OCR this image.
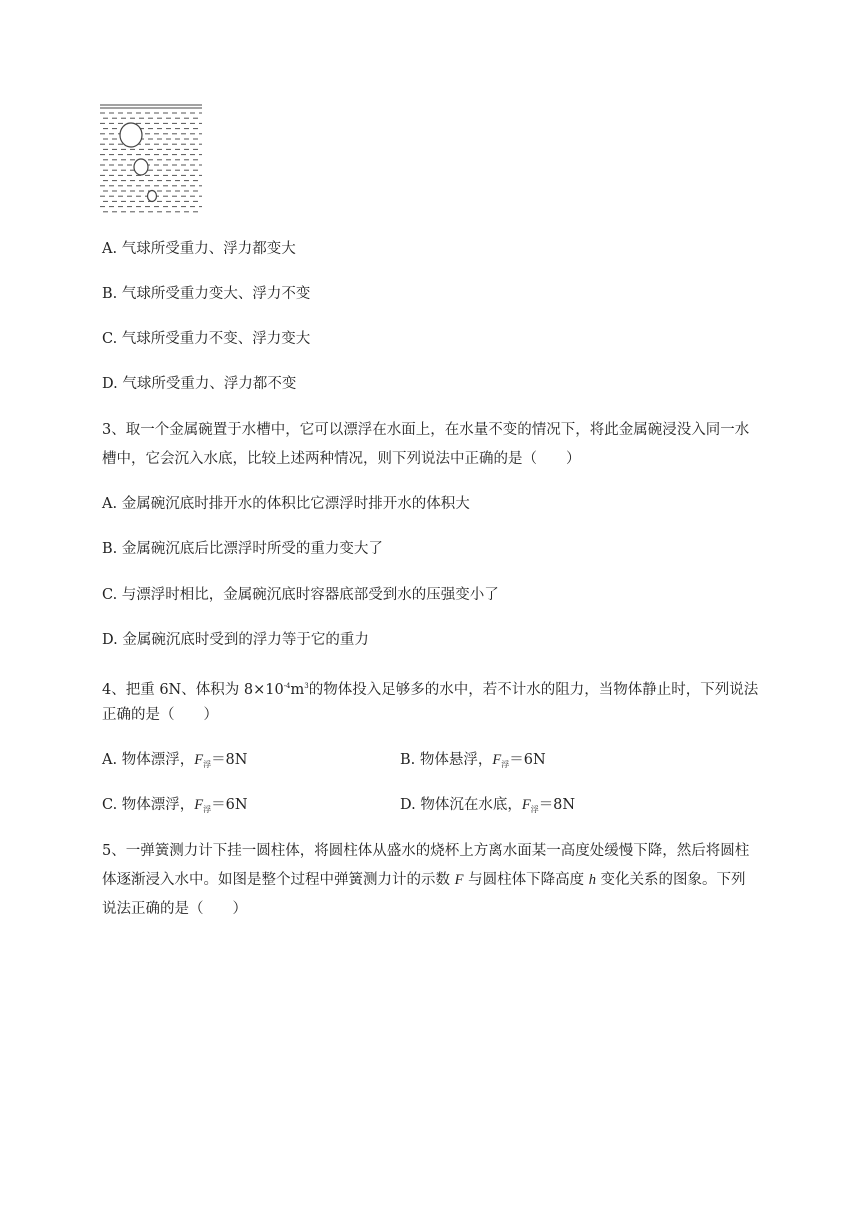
A. 气球所受重力、浮力都变大
B. 气球所受重力变大、浮力不变
C. 气球所受重力不变、浮力变大
D. 气球所受重力、浮力都不变
3、取一个金属碗置于水槽中，它可以漂浮在水面上，在水量不变的情况下，将此金属碗浸没入同一水
槽中，它会沉入水底，比较上述两种情况，则下列说法中正确的是（　　）
A. 金属碗沉底时排开水的体积比它漂浮时排开水的体积大
B. 金属碗沉底后比漂浮时所受的重力变大了
C. 与漂浮时相比，金属碗沉底时容器底部受到水的压强变小了
D. 金属碗沉底时受到的浮力等于它的重力
4、把重 6N、体积为 $8\times 10^{-4}m^3$的物体投入足够多的水中，若不计水的阻力，当物体静止时，下列说法
正确的是（　　）
A. 物体漂浮，$F_浮=8N$	B. 物体悬浮，$F_浮=6N$
C. 物体漂浮，$F_浮=6N$	D. 物体沉在水底，$F_浮=8N$
5、一弹簧测力计下挂一圆柱体，将圆柱体从盛水的烧杯上方离水面某一高度处缓慢下降，然后将圆柱
体逐渐浸入水中。如图是整个过程中弹簧测力计的示数 F 与圆柱体下降高度 h 变化关系的图象。下列
说法正确的是（　　）
